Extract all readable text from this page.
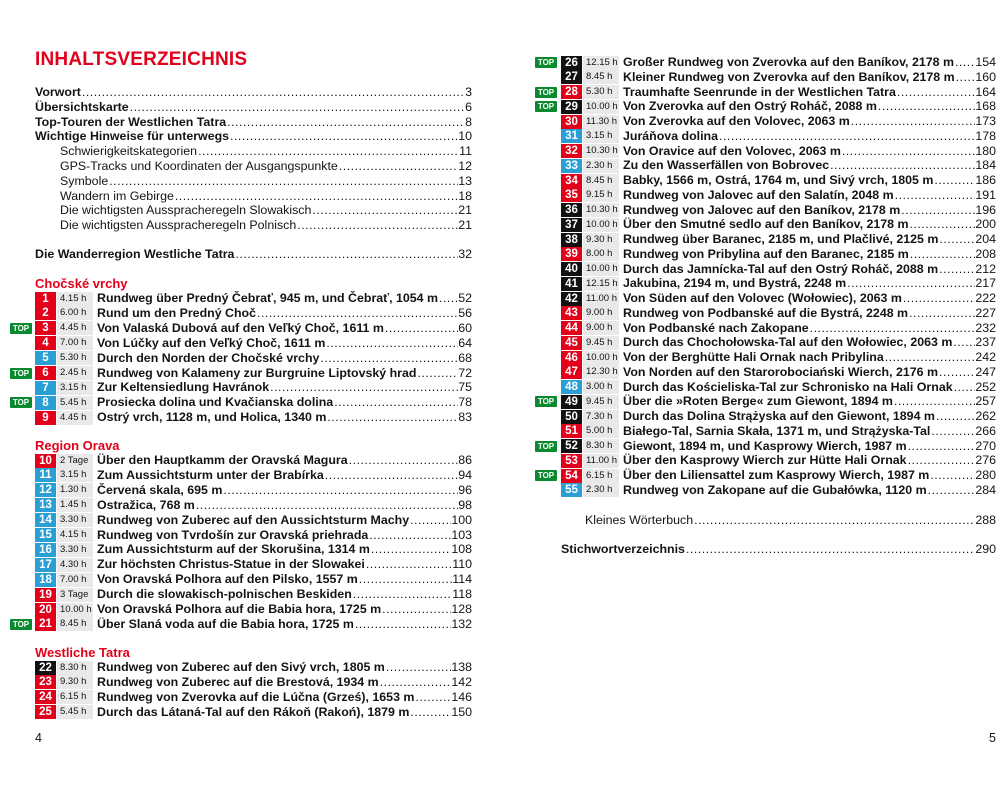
INHALTSVERZEICHNIS
Vorwort .....	3
Übersichtskarte .....	6
Top-Touren der Westlichen Tatra .....	8
Wichtige Hinweise für unterwegs .....	10
Schwierigkeitskategorien .....	11
GPS-Tracks und Koordinaten der Ausgangspunkte .....	12
Symbole .....	13
Wandern im Gebirge .....	18
Die wichtigsten Ausspracheregeln Slowakisch .....	21
Die wichtigsten Ausspracheregeln Polnisch .....	21
Die Wanderregion Westliche Tatra .....	32
Chočské vrchy
1	4.15 h Rundweg über Predný Čebrať, 945 m, und Čebrať, 1054 m ..... 52
2	6.00 h Rund um den Predný Choč .....	56
TOP	3	4.45 h Von Valaská Dubová auf den Veľký Choč, 1611 m .....	60
4	7.00 h Von Lúčky auf den Veľký Choč, 1611 m .....	64
5	5.30 h Durch den Norden der Chočské vrchy .....	68
TOP	6	2.45 h Rundweg von Kalameny zur Burgruine Liptovský hrad .....	72
7	3.15 h Zur Keltensiedlung Havránok .....	75
TOP	8	5.45 h Prosiecka dolina und Kvačianska dolina .....	78
9	4.45 h Ostrý vrch, 1128 m, und Holica, 1340 m .....	83
Region Orava
10 2 Tage Über den Hauptkamm der Oravská Magura .....	86
11 3.15 h Zum Aussichtsturm unter der Brabírka .....	94
12 1.30 h Červená skala, 695 m .....	96
13 1.45 h Ostražica, 768 m .....	98
14 3.30 h Rundweg von Zuberec auf den Aussichtsturm Machy .....	100
15 4.15 h Rundweg von Tvrdošín zur Oravská priehrada .....	103
16 3.30 h Zum Aussichtsturm auf der Skorušina, 1314 m .....	108
17 4.30 h Zur höchsten Christus-Statue in der Slowakei .....	110
18 7.00 h Von Oravská Polhora auf den Pilsko, 1557 m .....	114
19 3 Tage Durch die slowakisch-polnischen Beskiden .....	118
20 10.00 h Von Oravská Polhora auf die Babia hora, 1725 m .....	128
TOP 21 8.45 h Über Slaná voda auf die Babia hora, 1725 m .....	132
Westliche Tatra
22 8.30 h Rundweg von Zuberec auf den Sivý vrch, 1805 m .....	138
23 9.30 h Rundweg von Zuberec auf die Brestová, 1934 m .....	142
24 6.15 h Rundweg von Zverovka auf die Lúčna (Grześ), 1653 m .....	146
25 5.45 h Durch das Látaná-Tal auf den Rákoň (Rakoń), 1879 m .....	150
4
TOP 26 12.15 h Großer Rundweg von Zverovka auf den Baníkov, 2178 m ..... 154
27 8.45 h Kleiner Rundweg von Zverovka auf den Baníkov, 2178 m ..... 160
TOP 28 5.30 h Traumhafte Seenrunde in der Westlichen Tatra .....	164
TOP 29 10.00 h Von Zverovka auf den Ostrý Roháč, 2088 m .....	168
30 11.30 h Von Zverovka auf den Volovec, 2063 m .....	173
31 3.15 h Juráňova dolina .....	178
32 10.30 h Von Oravice auf den Volovec, 2063 m .....	180
33 2.30 h Zu den Wasserfällen von Bobrovec .....	184
34 8.45 h Babky, 1566 m, Ostrá, 1764 m, und Sivý vrch, 1805 m .....	186
35 9.15 h Rundweg von Jalovec auf den Salatín, 2048 m .....	191
36 10.30 h Rundweg von Jalovec auf den Baníkov, 2178 m .....	196
37 10.00 h Über den Smutné sedlo auf den Baníkov, 2178 m .....	200
38 9.30 h Rundweg über Baranec, 2185 m, und Plačlivé, 2125 m .....	204
39 8.00 h Rundweg von Pribylina auf den Baranec, 2185 m .....	208
40 10.00 h Durch das Jamnícka-Tal auf den Ostrý Roháč, 2088 m .....	212
41 12.15 h Jakubina, 2194 m, und Bystrá, 2248 m .....	217
42 11.00 h Von Süden auf den Volovec (Wołowiec), 2063 m .....	222
43 9.00 h Rundweg von Podbanské auf die Bystrá, 2248 m .....	227
44 9.00 h Von Podbanské nach Zakopane .....	232
45 9.45 h Durch das Chochołowska-Tal auf den Wołowiec, 2063 m ..... 237
46 10.00 h Von der Berghütte Hali Ornak nach Pribylina .....	242
47 12.30 h Von Norden auf den Starorobociański Wierch, 2176 m .....	247
48 3.00 h Durch das Kościeliska-Tal zur Schronisko na Hali Ornak ..... 252
TOP 49 9.45 h Über die »Roten Berge« zum Giewont, 1894 m .....	257
50 7.30 h Durch das Dolina Strążyska auf den Giewont, 1894 m .....	262
51 5.00 h Białego-Tal, Sarnia Skała, 1371 m, und Strążyska-Tal .....	266
TOP 52 8.30 h Giewont, 1894 m, und Kasprowy Wierch, 1987 m .....	270
53 11.00 h Über den Kasprowy Wierch zur Hütte Hali Ornak .....	276
TOP 54 6.15 h Über den Liliensattel zum Kasprowy Wierch, 1987 m .....	280
55 2.30 h Rundweg von Zakopane auf die Gubałówka, 1120 m .....	284
Kleines Wörterbuch .....	288
Stichwortverzeichnis .....	290
5
